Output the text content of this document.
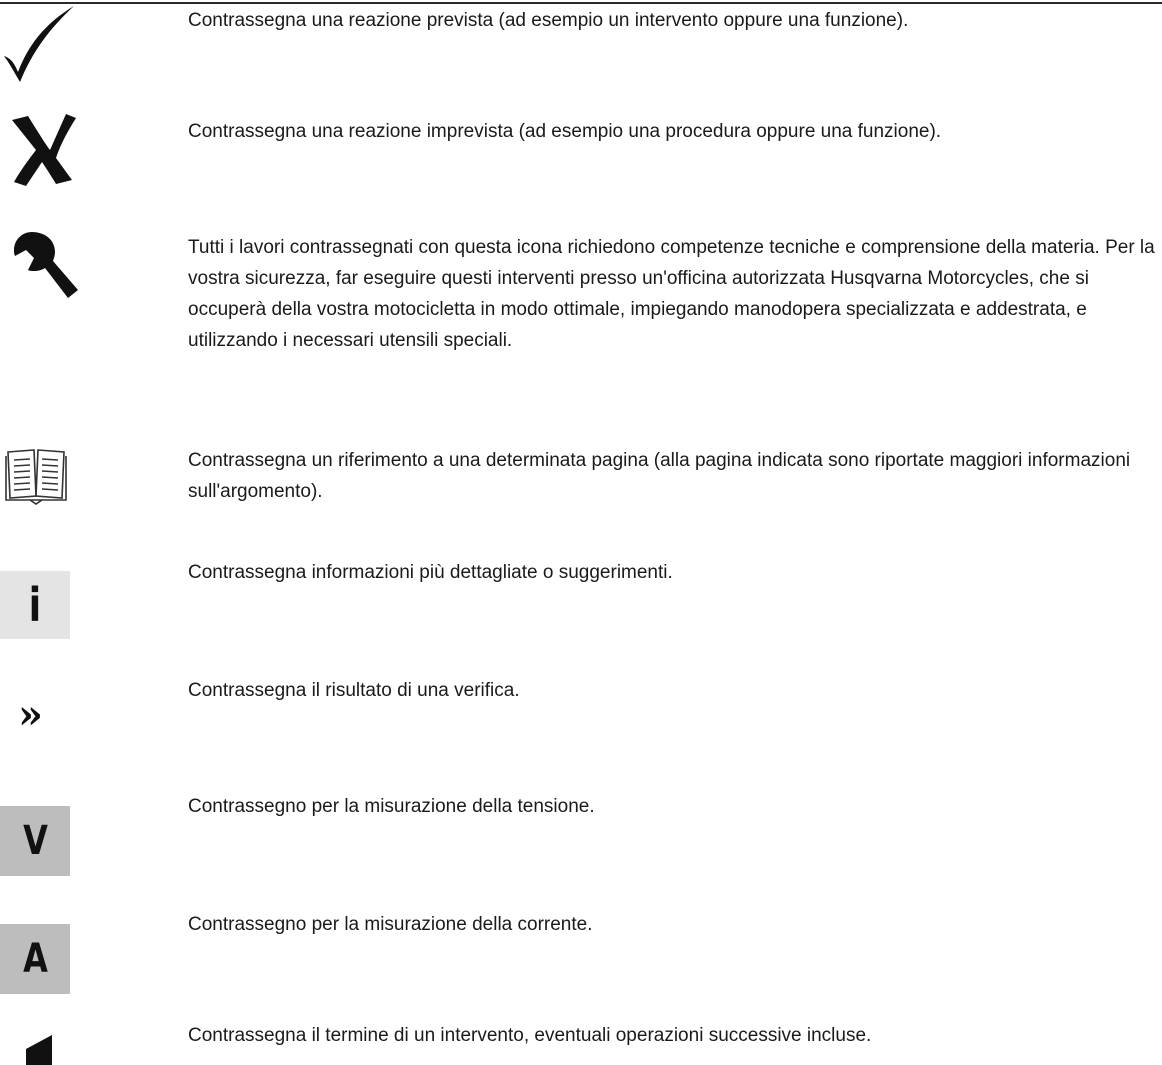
Contrassegna una reazione prevista (ad esempio un intervento oppure una funzione).

Contrassegna una reazione imprevista (ad esempio una procedura oppure una funzione).

Tutti i lavori contrassegnati con questa icona richiedono competenze tecniche e comprensione della materia. Per la vostra sicurezza, far eseguire questi interventi presso un'officina autorizzata Husqvarna Motorcycles, che si occuperà della vostra motocicletta in modo ottimale, impiegando manodopera specializzata e addestrata, e utilizzando i necessari utensili speciali.

Contrassegna un riferimento a una determinata pagina (alla pagina indicata sono riportate maggiori informazioni sull'argomento).

i

Contrassegna informazioni più dettagliate o suggerimenti.

»

Contrassegna il risultato di una verifica.

V

Contrassegno per la misurazione della tensione.

A

Contrassegno per la misurazione della corrente.

Contrassegna il termine di un intervento, eventuali operazioni successive incluse.
